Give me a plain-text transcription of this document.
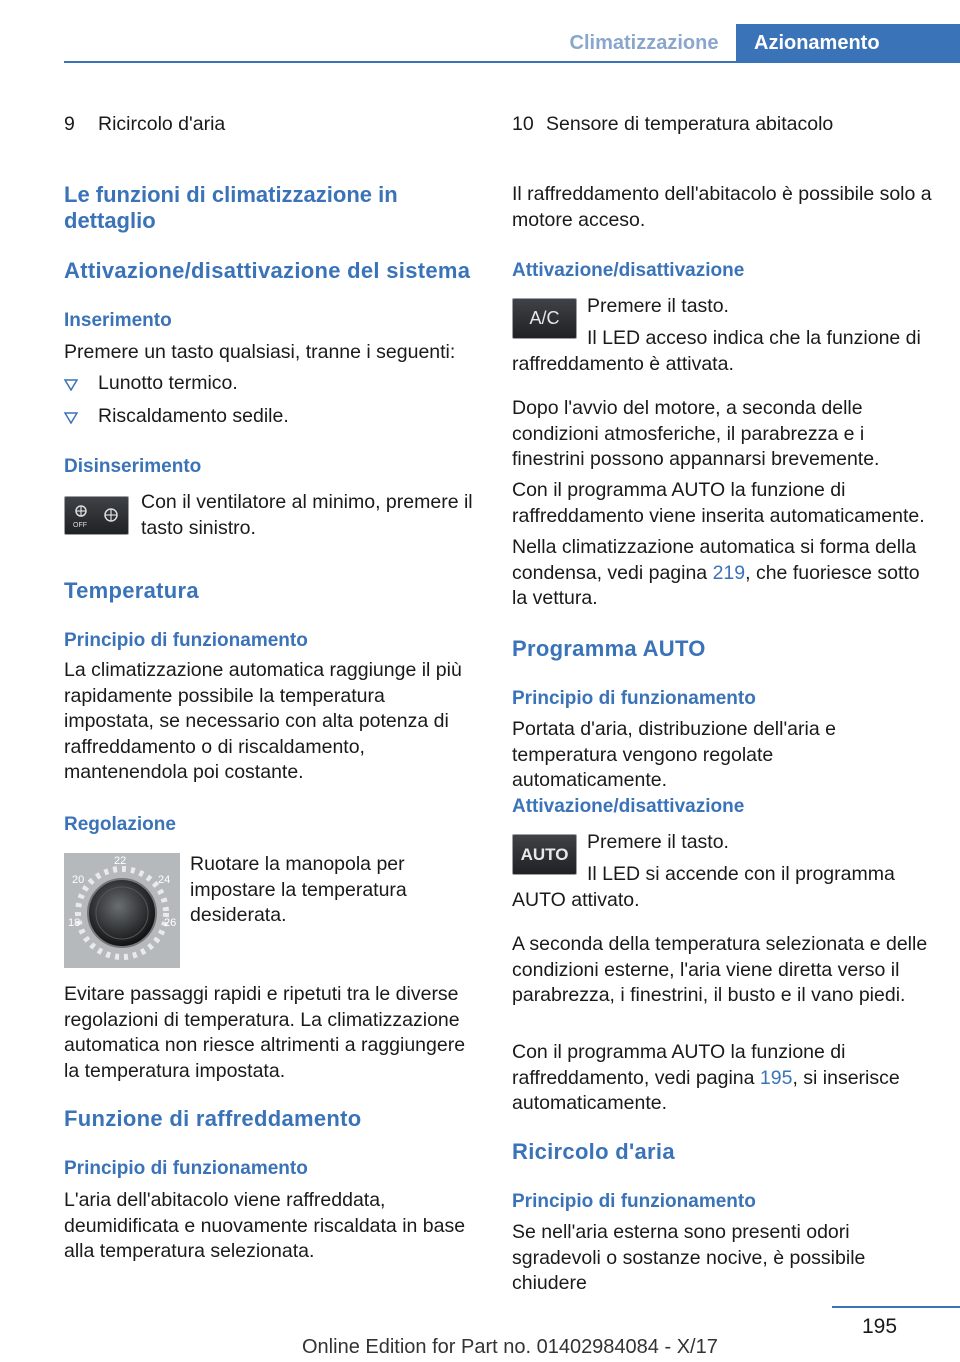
Climatizzazione	Azionamento
9 Ricircolo d'aria	10 Sensore di temperatura abitacolo
Le funzioni di climatizzazione in dettaglio
Attivazione/disattivazione del sistema
Inserimento
Premere un tasto qualsiasi, tranne i seguenti:
Lunotto termico.
Riscaldamento sedile.
Disinserimento
OFF
Con il ventilatore al minimo, premere il tasto sinistro.
Temperatura
Principio di funzionamento
La climatizzazione automatica raggiunge il più rapidamente possibile la temperatura impostata, se necessario con alta potenza di raffreddamento o di riscaldamento, mantenendola poi costante.
Regolazione
18
20
22
24
26
Ruotare la manopola per impostare la temperatura desiderata.
Evitare passaggi rapidi e ripetuti tra le diverse regolazioni di temperatura. La climatizzazione automatica non riesce altrimenti a raggiungere la temperatura impostata.
Funzione di raffreddamento
Principio di funzionamento
L'aria dell'abitacolo viene raffreddata, deumidificata e nuovamente riscaldata in base alla temperatura selezionata.
Il raffreddamento dell'abitacolo è possibile solo a motore acceso.
Attivazione/disattivazione
A/C
Premere il tasto.
Il LED acceso indica che la funzione di raffreddamento è attivata.
Dopo l'avvio del motore, a seconda delle condizioni atmosferiche, il parabrezza e i finestrini possono appannarsi brevemente.
Con il programma AUTO la funzione di raffreddamento viene inserita automaticamente.
Nella climatizzazione automatica si forma della condensa, vedi pagina 219, che fuoriesce sotto la vettura.
Programma AUTO
Principio di funzionamento
Portata d'aria, distribuzione dell'aria e temperatura vengono regolate automaticamente.
Attivazione/disattivazione
AUTO
Premere il tasto.
Il LED si accende con il programma AUTO attivato.
A seconda della temperatura selezionata e delle condizioni esterne, l'aria viene diretta verso il parabrezza, i finestrini, il busto e il vano piedi.
Con il programma AUTO la funzione di raffreddamento, vedi pagina 195, si inserisce automaticamente.
Ricircolo d'aria
Principio di funzionamento
Se nell'aria esterna sono presenti odori sgradevoli o sostanze nocive, è possibile chiudere
195
Online Edition for Part no. 01402984084 - X/17
